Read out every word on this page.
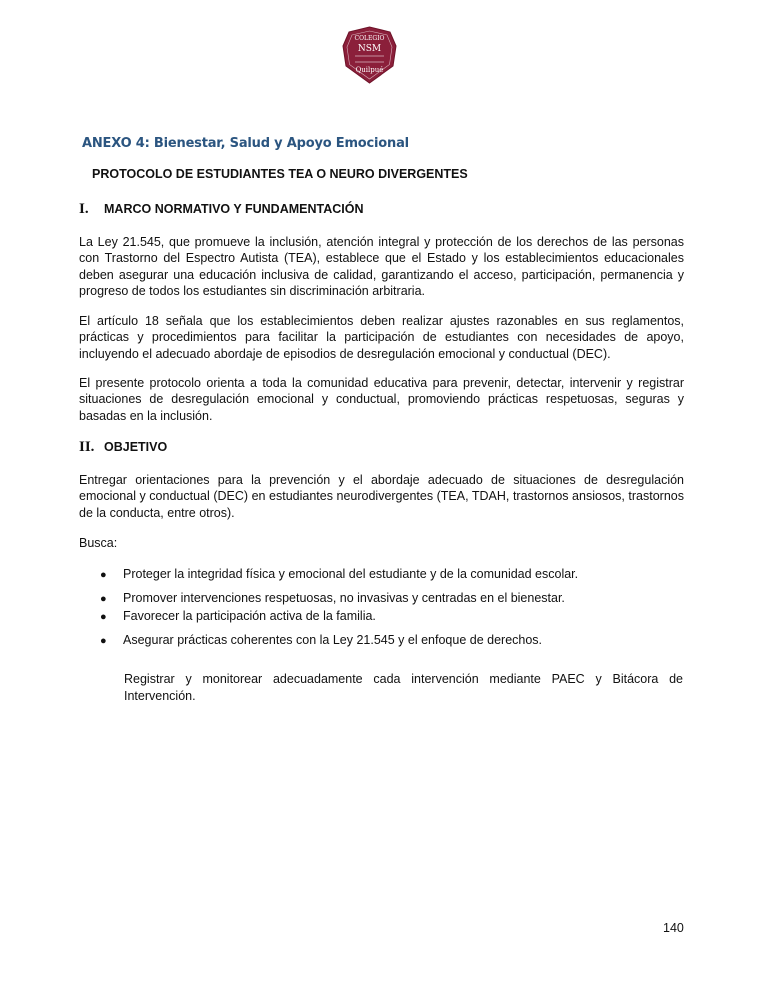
COLEGIO
NSM
Quilpué
ANEXO 4: Bienestar, Salud y Apoyo Emocional
PROTOCOLO DE ESTUDIANTES TEA O NEURO DIVERGENTES
I.	MARCO NORMATIVO Y FUNDAMENTACIÓN
La Ley 21.545, que promueve la inclusión, atención integral y protección de los derechos de las personas con Trastorno del Espectro Autista (TEA), establece que el Estado y los establecimientos educacionales deben asegurar una educación inclusiva de calidad, garantizando el acceso, participación, permanencia y progreso de todos los estudiantes sin discriminación arbitraria.
El artículo 18 señala que los establecimientos deben realizar ajustes razonables en sus reglamentos, prácticas y procedimientos para facilitar la participación de estudiantes con necesidades de apoyo, incluyendo el adecuado abordaje de episodios de desregulación emocional y conductual (DEC).
El presente protocolo orienta a toda la comunidad educativa para prevenir, detectar, intervenir y registrar situaciones de desregulación emocional y conductual, promoviendo prácticas respetuosas, seguras y basadas en la inclusión.
II. OBJETIVO
Entregar orientaciones para la prevención y el abordaje adecuado de situaciones de desregulación emocional y conductual (DEC) en estudiantes neurodivergentes (TEA, TDAH, trastornos ansiosos, trastornos de la conducta, entre otros).
Busca:
●	Proteger la integridad física y emocional del estudiante y de la comunidad escolar.
●	Promover intervenciones respetuosas, no invasivas y centradas en el bienestar.
●	Favorecer la participación activa de la familia.
●	Asegurar prácticas coherentes con la Ley 21.545 y el enfoque de derechos.
Registrar y monitorear adecuadamente cada intervención mediante PAEC y Bitácora de Intervención.
140
